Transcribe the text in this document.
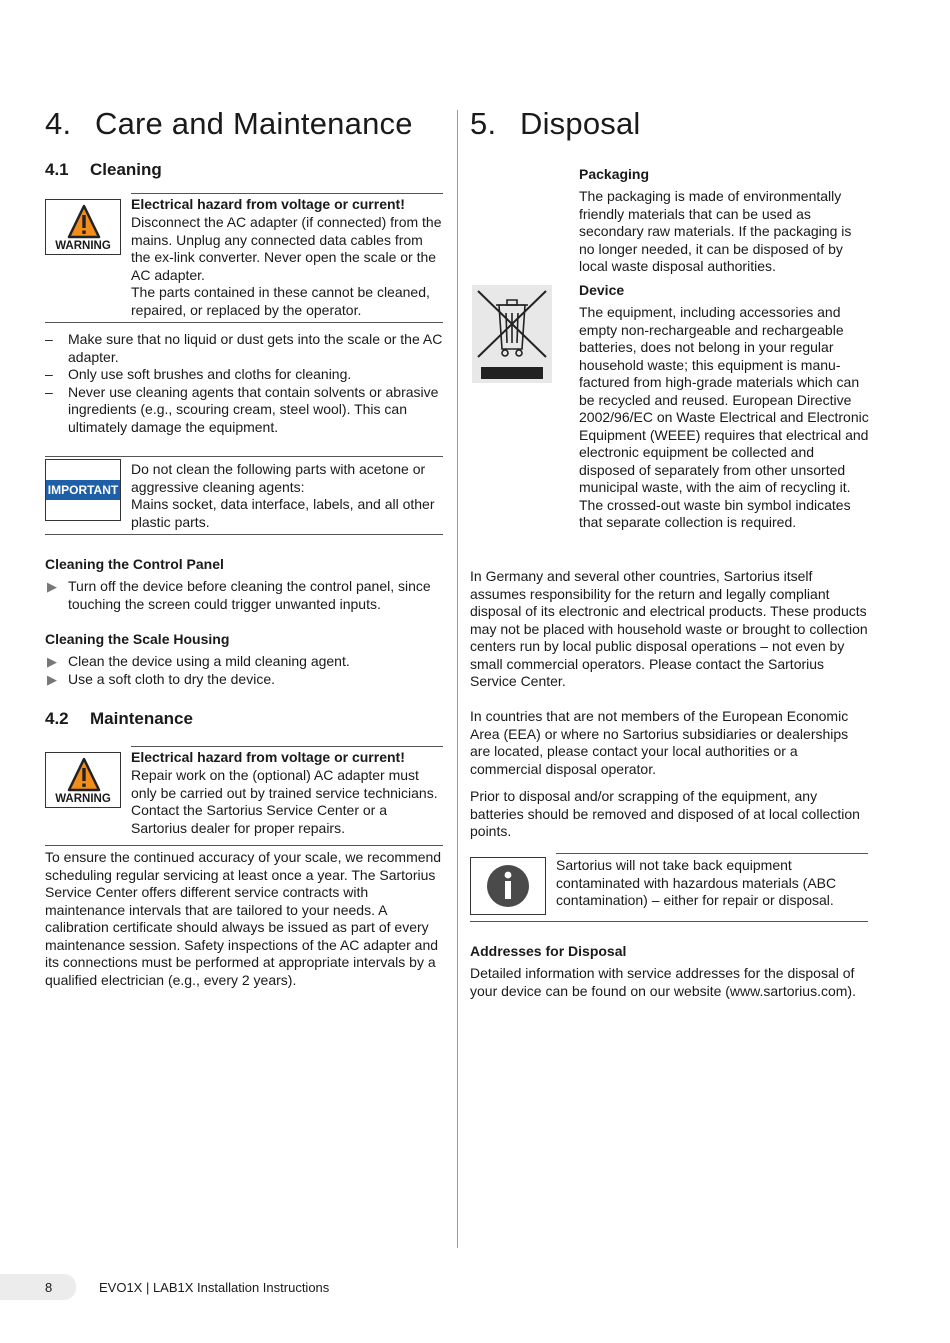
4. Care and Maintenance
4.1 Cleaning
WARNING

Electrical hazard from voltage or current!

Disconnect the AC adapter (if connected) from the mains. Unplug any connected data cables from the ex-link converter. Never open the scale or the AC adapter.

The parts contained in these cannot be cleaned, repaired, or replaced by the operator.

– Make sure that no liquid or dust gets into the scale or the AC adapter.
– Only use soft brushes and cloths for cleaning.
– Never use cleaning agents that contain solvents or abrasive ingredients (e.g., scouring cream, steel wool). This can ultimately damage the equipment.
IMPORTANT

Do not clean the following parts with acetone or aggressive cleaning agents:

Mains socket, data interface, labels, and all other plastic parts.

Cleaning the Control Panel

▶ Turn off the device before cleaning the control panel, since touching the screen could trigger unwanted inputs.

Cleaning the Scale Housing

▶ Clean the device using a mild cleaning agent.

▶ Use a soft cloth to dry the device.

4.2 Maintenance
WARNING

Electrical hazard from voltage or current!

Repair work on the (optional) AC adapter must only be carried out by trained service technicians. Contact the Sartorius Service Center or a Sartorius dealer for proper repairs.

To ensure the continued accuracy of your scale, we recommend scheduling regular servicing at least once a year. The Sartorius Service Center offers different service contracts with maintenance intervals that are tailored to your needs. A calibration certificate should always be issued as part of every maintenance session. Safety inspections of the AC adapter and its connections must be performed at appropriate intervals by a qualified electrician (e.g., every 2 years).

5. Disposal

Packaging

The packaging is made of environmentally friendly materials that can be used as secondary raw materials. If the packaging is no longer needed, it can be disposed of by local waste disposal authorities.

Device

The equipment, including accessories and empty non-rechargeable and rechargeable batteries, does not belong in your regular household waste; this equipment is manu-factured from high-grade materials which can be recycled and reused. European Directive 2002/96/EC on Waste Electrical and Electronic Equipment (WEEE) requires that electrical and electronic equipment be collected and disposed of separately from other unsorted municipal waste, with the aim of recycling it. The crossed-out waste bin symbol indicates that separate collection is required.

In Germany and several other countries, Sartorius itself assumes responsibility for the return and legally compliant disposal of its electronic and electrical products. These products may not be placed with household waste or brought to collection centers run by local public disposal operations – not even by small commercial operators. Please contact the Sartorius Service Center.

In countries that are not members of the European Economic Area (EEA) or where no Sartorius subsidiaries or dealerships are located, please contact your local authorities or a commercial disposal operator.

Prior to disposal and/or scrapping of the equipment, any batteries should be removed and disposed of at local collection points.

Sartorius will not take back equipment contaminated with hazardous materials (ABC contamination) – either for repair or disposal.

Addresses for Disposal

Detailed information with service addresses for the disposal of your device can be found on our website (www.sartorius.com).

8	EVO1X | LAB1X Installation Instructions
